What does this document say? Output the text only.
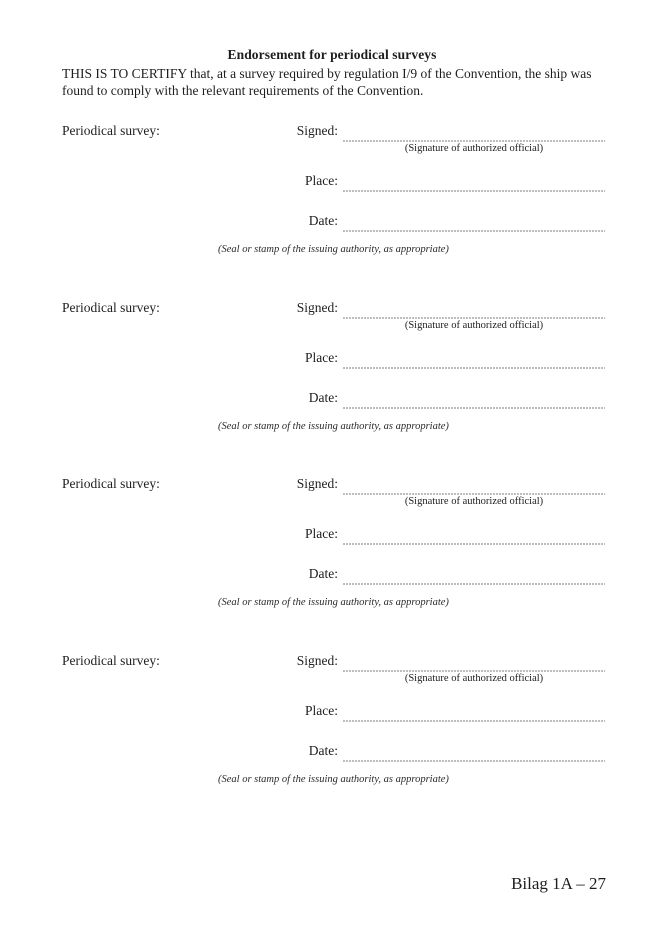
Endorsement for periodical surveys
THIS IS TO CERTIFY that, at a survey required by regulation I/9 of the Convention, the ship was found to comply with the relevant requirements of the Convention.
Periodical survey:	Signed:
(Signature of authorized official)
Place:
Date:
(Seal or stamp of the issuing authority, as appropriate)
Periodical survey:	Signed:
(Signature of authorized official)
Place:
Date:
(Seal or stamp of the issuing authority, as appropriate)
Periodical survey:	Signed:
(Signature of authorized official)
Place:
Date:
(Seal or stamp of the issuing authority, as appropriate)
Periodical survey:	Signed:
(Signature of authorized official)
Place:
Date:
(Seal or stamp of the issuing authority, as appropriate)
Bilag 1A – 27
